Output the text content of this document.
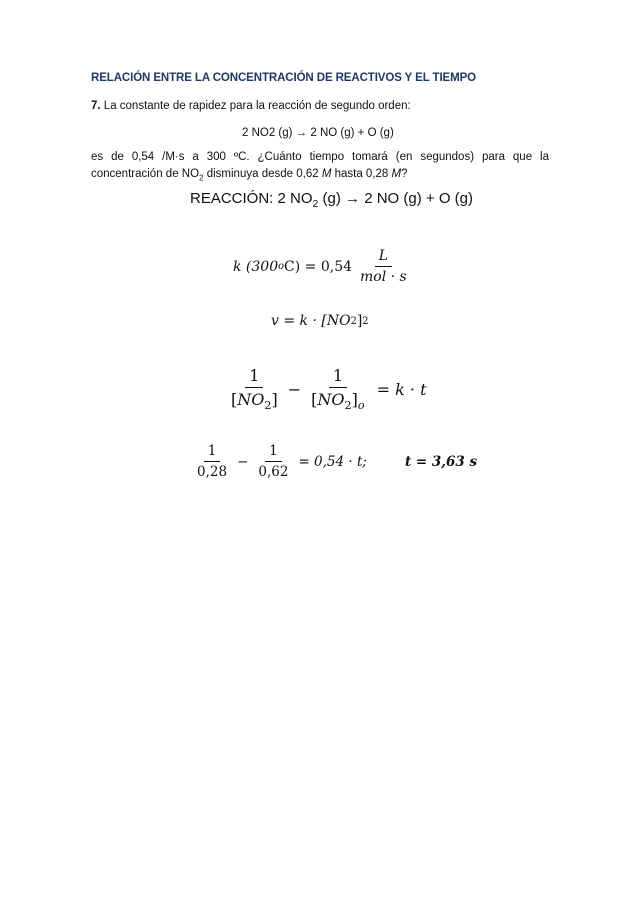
RELACIÓN ENTRE LA CONCENTRACIÓN DE REACTIVOS Y EL TIEMPO
7. La constante de rapidez para la reacción de segundo orden:
2 NO2 (g) → 2 NO (g) + O (g)
es de 0,54 /M·s a 300 ºC. ¿Cuánto tiempo tomará (en segundos) para que la
concentración de $NO_2$ disminuya desde 0,62 M hasta 0,28 M?
REACCIÓN: 2 $NO_2$ (g) → 2 NO (g) + O (g)
k (300 o $C) = 0,54 \frac{L}{\text{mol · s}}$
v = k · [NO 2 ] 2
$\frac{1}{[NO_2]} - \frac{1}{[NO_2]_o} = k \cdot t$
$\frac{1}{0,28} - \frac{1}{0,62} = 0,54 \cdot t$;	t = 3,63 s
